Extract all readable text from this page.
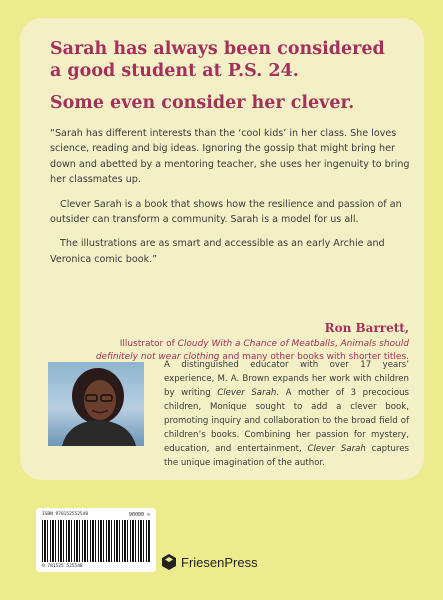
Sarah has always been considered
a good student at P.S. 24.
Some even consider her clever.

“Sarah has different interests than the ‘cool kids’ in her class. She loves science, reading and big ideas. Ignoring the gossip that might bring her down and abetted by a mentoring teacher, she uses her ingenuity to bring her classmates up.

Clever Sarah is a book that shows how the resilience and passion of an outsider can transform a community. Sarah is a model for us all.

The illustrations are as smart and accessible as an early Archie and Veronica comic book.”

Ron Barrett,
Illustrator of Cloudy With a Chance of Meatballs, Animals should definitely not wear clothing and many other books with shorter titles.
A distinguished educator with over 17 years’ experience, M. A. Brown expands her work with children by writing Clever Sarah. A mother of 3 precocious children, Monique sought to add a clever book, promoting inquiry and collaboration to the broad field of children’s books. Combining her passion for mystery, education, and entertainment, Clever Sarah captures the unique imagination of the author.
ISBN 978152552548	90000 >
9 781525 525548	FriesenPress
